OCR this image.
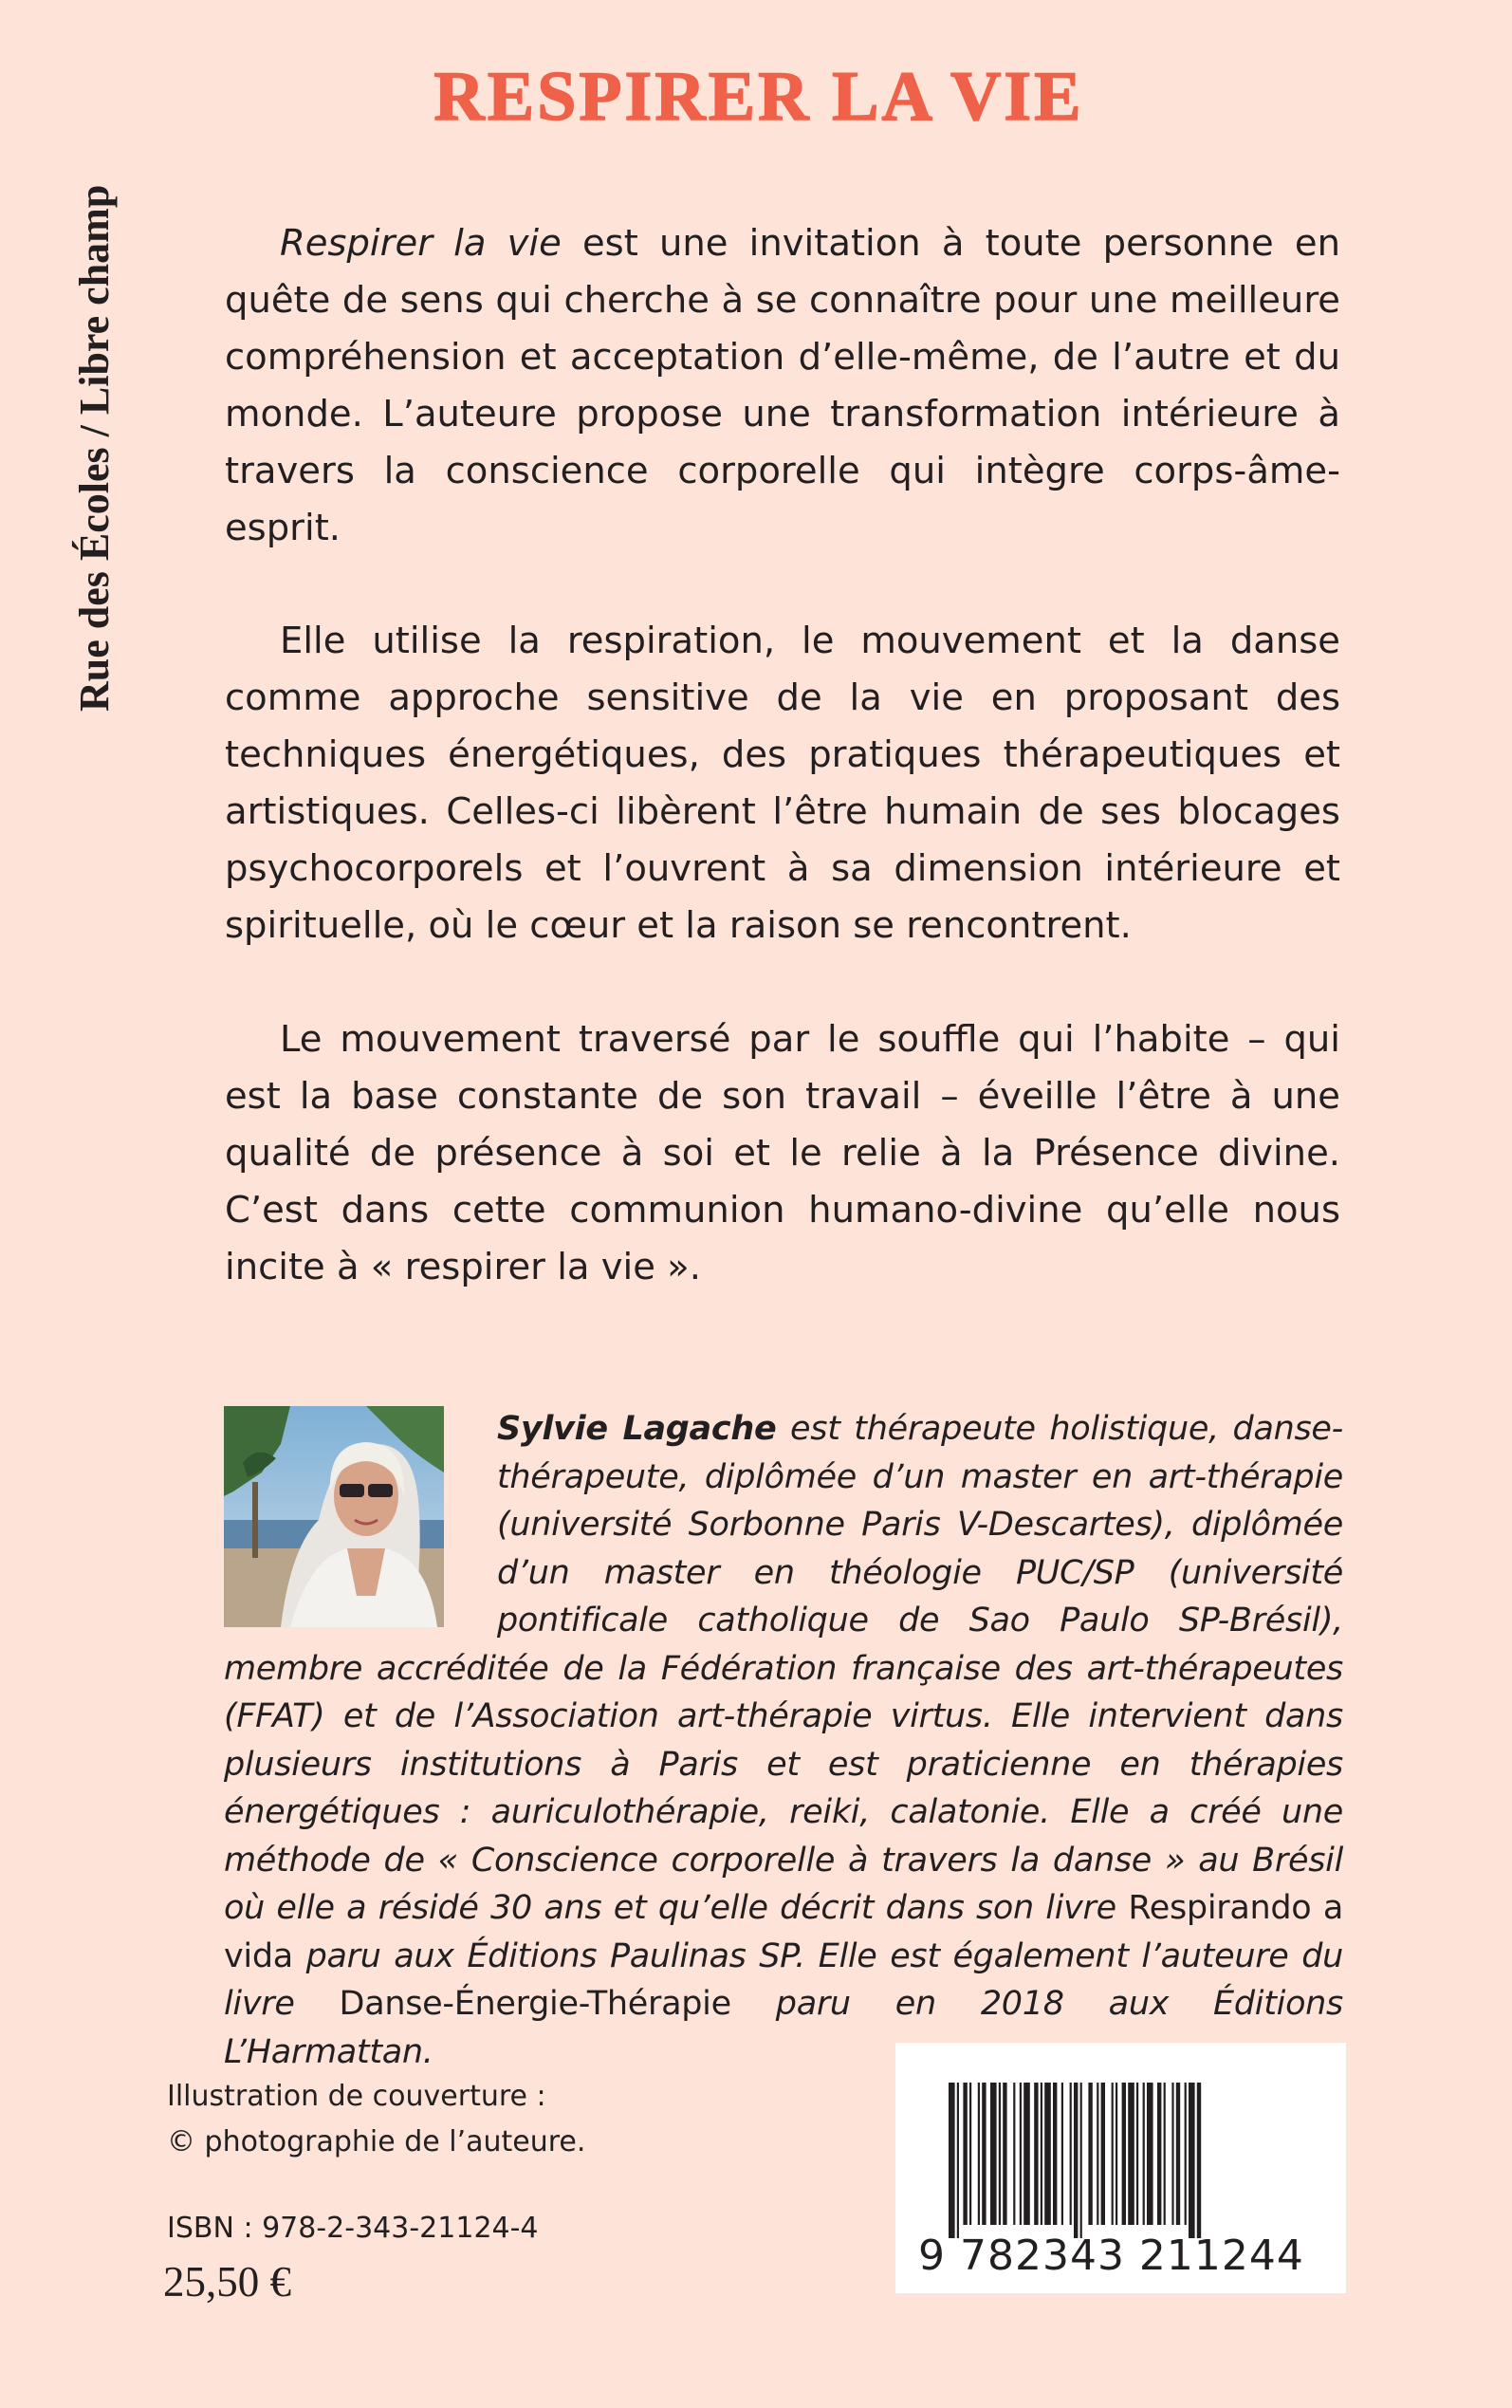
Rue des Écoles / Libre champ
RESPIRER LA VIE

Respirer la vie est une invitation à toute personne en quête de sens qui cherche à se connaître pour une meilleure compréhension et acceptation d’elle-même, de l’autre et du monde. L’auteure propose une transformation intérieure à travers la conscience corporelle qui intègre corps-âme-esprit.

Elle utilise la respiration, le mouvement et la danse comme approche sensitive de la vie en proposant des techniques énergétiques, des pratiques thérapeutiques et artistiques. Celles-ci libèrent l’être humain de ses blocages psychocorporels et l’ouvrent à sa dimension intérieure et spirituelle, où le cœur et la raison se rencontrent.

Le mouvement traversé par le souffle qui l’habite – qui est la base constante de son travail – éveille l’être à une qualité de présence à soi et le relie à la Présence divine. C’est dans cette communion humano-divine qu’elle nous incite à « respirer la vie ».

Sylvie Lagache est thérapeute holistique, danse-thérapeute, diplômée d’un master en art-thérapie (université Sorbonne Paris V-Descartes), diplômée d’un master en théologie PUC/SP (université pontificale catholique de Sao Paulo SP-Brésil), membre accréditée de la Fédération française des art-thérapeutes (FFAT) et de l’Association art-thérapie virtus. Elle intervient dans plusieurs institutions à Paris et est praticienne en thérapies énergétiques : auriculothérapie, reiki, calatonie. Elle a créé une méthode de « Conscience corporelle à travers la danse » au Brésil où elle a résidé 30 ans et qu’elle décrit dans son livre Respirando a vida paru aux Éditions Paulinas SP. Elle est également l’auteure du livre Danse-Énergie-Thérapie paru en 2018 aux Éditions L’Harmattan.

Illustration de couverture :
© photographie de l’auteure.
ISBN : 978-2-343-21124-4
25,50 €
9 782343 211244
